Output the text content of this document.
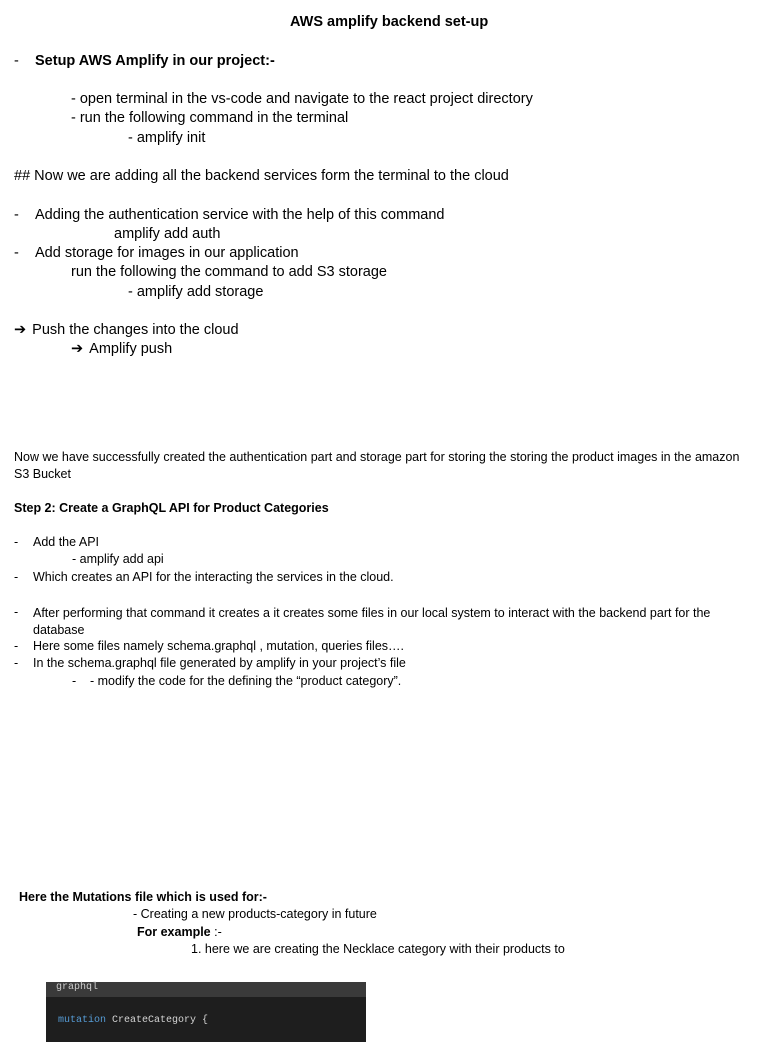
AWS amplify backend set-up
- Setup AWS Amplify in our project:-
- open terminal in the vs-code and navigate to the react project directory
- run the following command in the terminal
- amplify init
## Now we are adding all the backend services form the terminal to the cloud
- Adding the authentication service with the help of this command
amplify add auth
- Add storage for images in our application
run the following the command to add S3 storage
- amplify add storage
➔ Push the changes into the cloud
➔ Amplify push
Now we have successfully created the authentication part and storage part for storing the storing the product images in the amazon S3 Bucket
Step 2: Create a GraphQL API for Product Categories
- Add the API
- amplify add api
- Which creates an API for the interacting the services in the cloud.
- After performing that command it creates a it creates some files in our local system to interact with the backend part for the database
- Here some files namely schema.graphql , mutation, queries files….
- In the schema.graphql file generated by amplify in your project’s file
- - modify the code for the defining the “product category”.
Here the Mutations file which is used for:-
- Creating a new products-category in future
For example :-
1. here we are creating the Necklace category with their products to
graphql
mutation CreateCategory {
